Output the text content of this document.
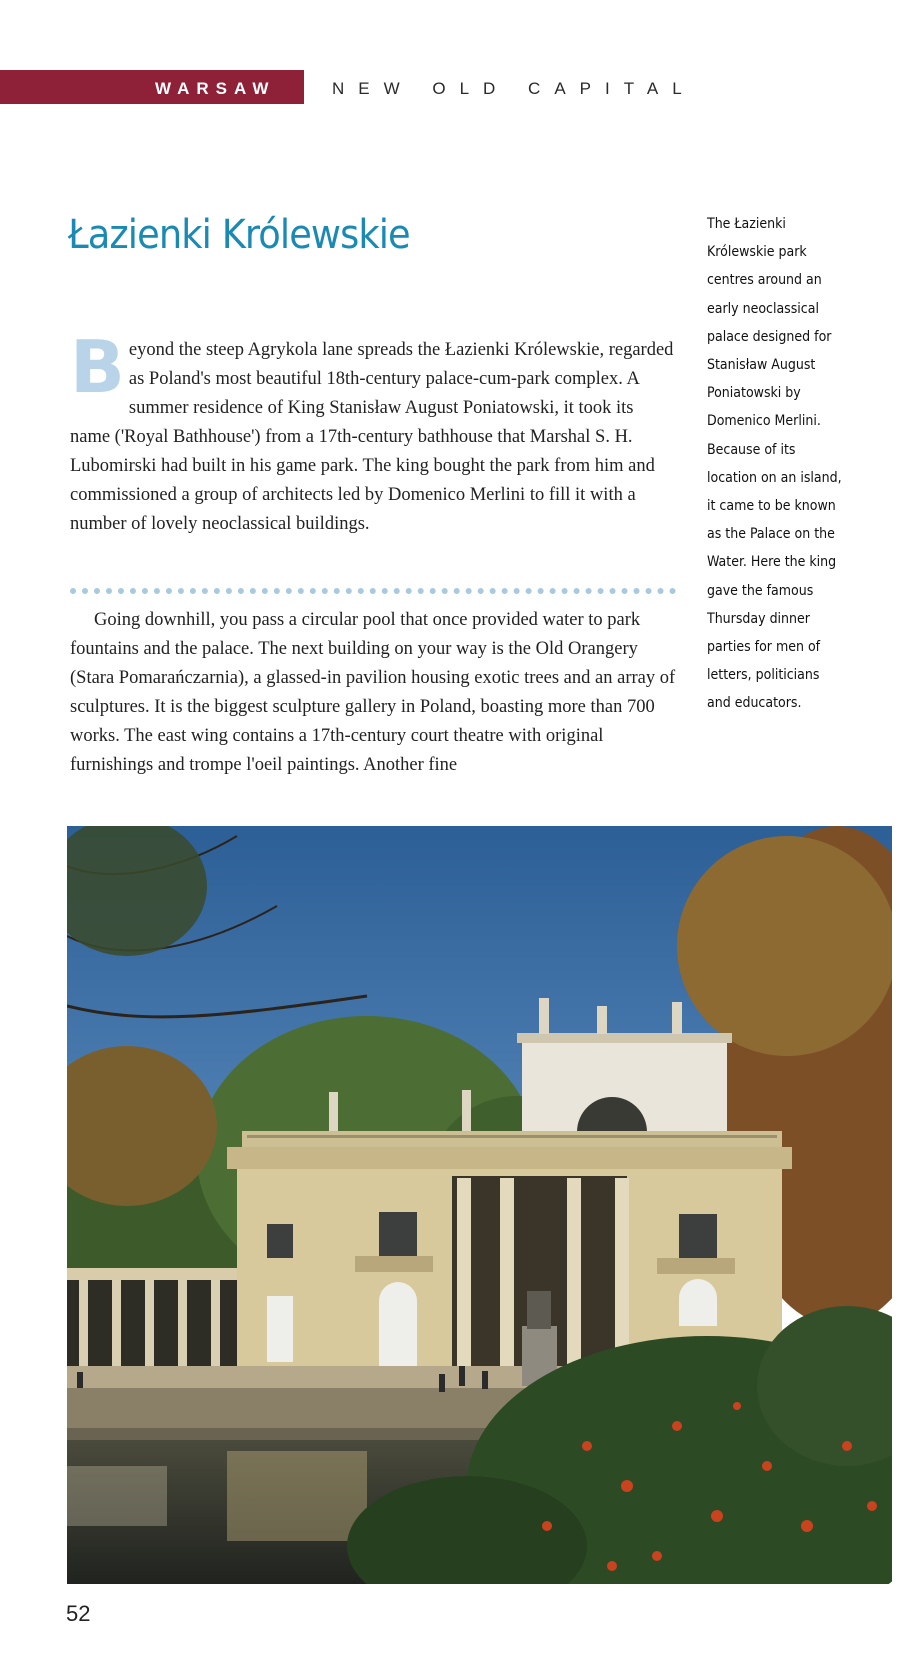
WARSAW	NEW OLD CAPITAL
Łazienki Królewskie

Beyond the steep Agrykola lane spreads the Łazienki Królewskie, regarded as Poland's most beautiful 18th-century palace-cum-park complex. A summer residence of King Stanisław August Poniatowski, it took its name ('Royal Bathhouse') from a 17th-century bathhouse that Marshal S. H. Lubomirski had built in his game park. The king bought the park from him and commissioned a group of architects led by Domenico Merlini to fill it with a number of lovely neoclassical buildings.

Going downhill, you pass a circular pool that once provided water to park fountains and the palace. The next building on your way is the Old Orangery (Stara Pomarańczarnia), a glassed-in pavilion housing exotic trees and an array of sculptures. It is the biggest sculpture gallery in Poland, boasting more than 700 works. The east wing contains a 17th-century court theatre with original furnishings and trompe l'oeil paintings. Another fine

The Łazienki Królewskie park centres around an early neoclassical palace designed for Stanisław August Poniatowski by Domenico Merlini. Because of its location on an island, it came to be known as the Palace on the Water. Here the king gave the famous Thursday dinner parties for men of letters, politicians and educators.

52
